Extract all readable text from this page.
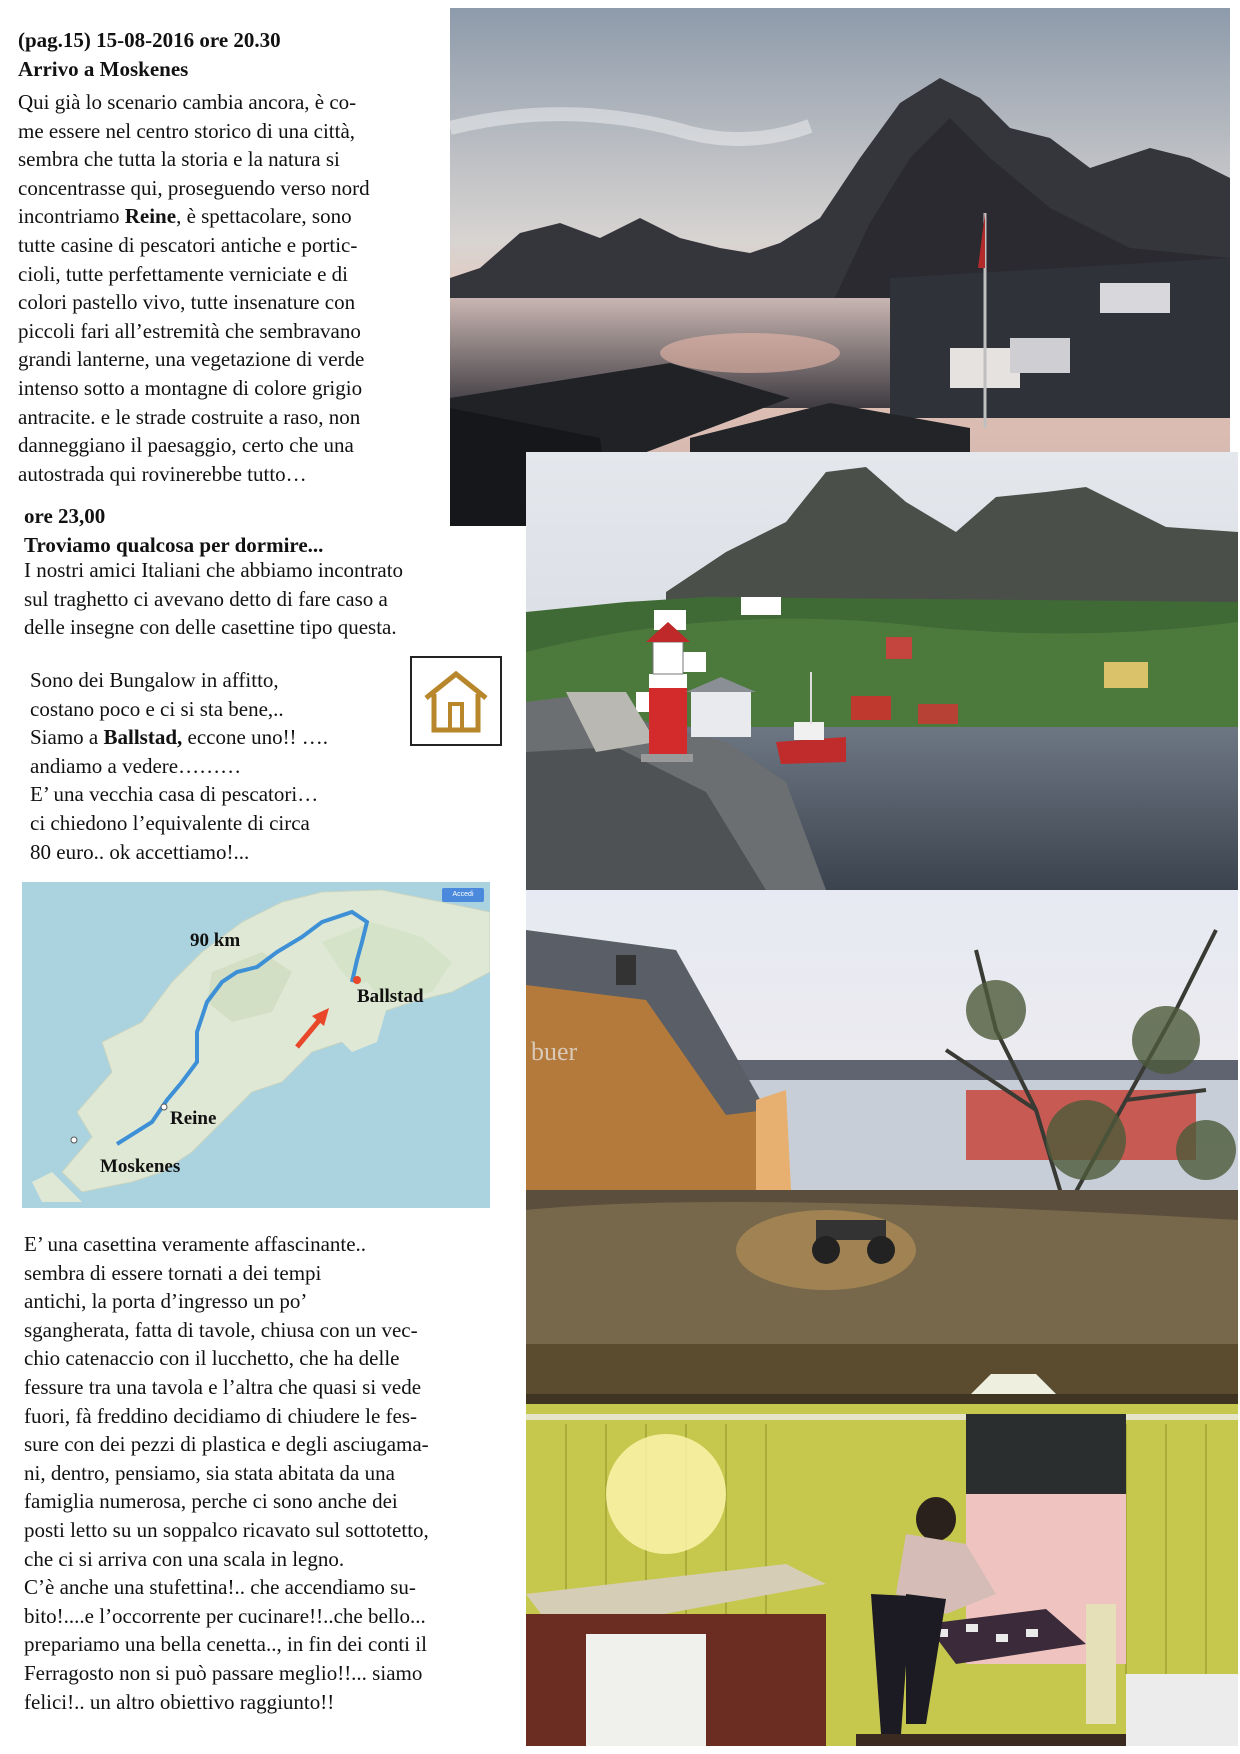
(pag.15) 15-08-2016 ore 20.30
Arrivo a Moskenes
Qui già lo scenario cambia ancora, è co-
me essere nel centro storico di una città,
sembra che tutta la storia e la natura si
concentrasse qui, proseguendo verso nord
incontriamo Reine, è spettacolare, sono
tutte casine di pescatori antiche e portic-
cioli, tutte perfettamente verniciate e di
colori pastello vivo, tutte insenature con
piccoli fari all’estremità che sembravano
grandi lanterne, una vegetazione di verde
intenso sotto a montagne di colore grigio
antracite. e le strade costruite a raso, non
danneggiano il paesaggio, certo che una
autostrada qui rovinerebbe tutto…
ore 23,00
Troviamo qualcosa per dormire...
I nostri amici Italiani che abbiamo incontrato
sul traghetto ci avevano detto di fare caso a
delle insegne con delle casettine tipo questa.
Sono dei Bungalow in affitto,
costano poco e ci si sta bene,..
Siamo a Ballstad, eccone uno!! ….
andiamo a vedere………
E’ una vecchia casa di pescatori…
ci chiedono l’equivalente di circa
80 euro.. ok accettiamo!...
Accedi
90 km
Ballstad
Reine
Moskenes
E’ una casettina veramente affascinante..
sembra di essere tornati a dei tempi
antichi, la porta d’ingresso un po’
sgangherata, fatta di tavole, chiusa con un vec-
chio catenaccio con il lucchetto, che ha delle
fessure tra una tavola e l’altra che quasi si vede
fuori, fà freddino decidiamo di chiudere le fes-
sure con dei pezzi di plastica e degli asciugama-
ni, dentro, pensiamo, sia stata abitata da una
famiglia numerosa, perche ci sono anche dei
posti letto su un soppalco ricavato sul sottotetto,
che ci si arriva con una scala in legno.
C’è anche una stufettina!.. che accendiamo su-
bito!....e l’occorrente per cucinare!!..che bello...
prepariamo una bella cenetta.., in fin dei conti il
Ferragosto non si può passare meglio!!... siamo
felici!.. un altro obiettivo raggiunto!!
buer
